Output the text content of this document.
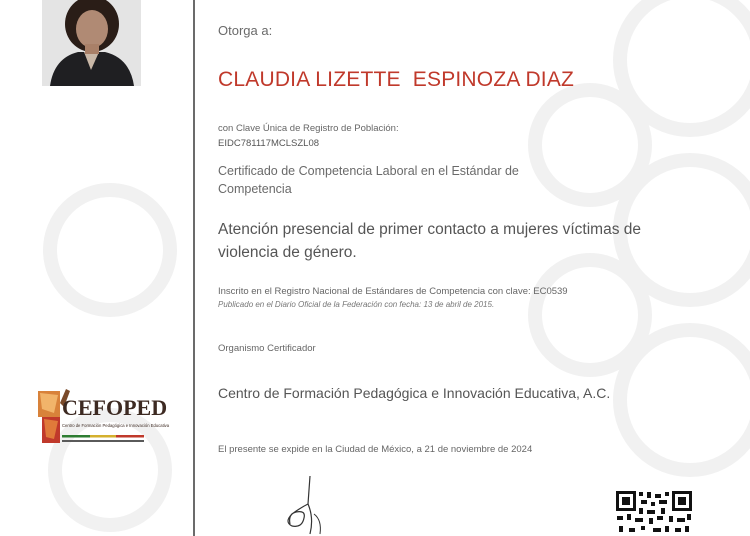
CEFOPED
Centro de Formación Pedagógica e Innovación Educativa
Otorga a:
CLAUDIA LIZETTE  ESPINOZA DIAZ
con Clave Única de Registro de Población:
EIDC781117MCLSZL08
Certificado de Competencia Laboral en el Estándar de Competencia
Atención presencial de primer contacto a mujeres víctimas de violencia de género.
Inscrito en el Registro Nacional de Estándares de Competencia con clave: EC0539
Publicado en el Diario Oficial de la Federación con fecha: 13 de abril de 2015.
Organismo Certificador
Centro de Formación Pedagógica e Innovación Educativa, A.C.
El presente se expide en la Ciudad de México, a 21 de noviembre de 2024
